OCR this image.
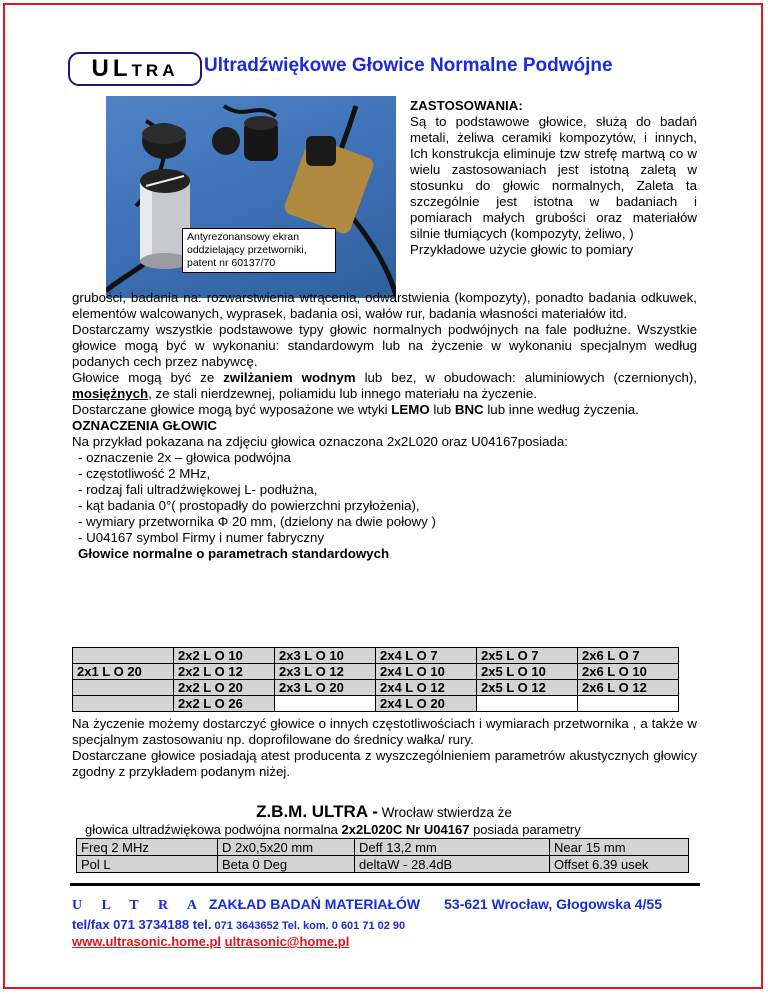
ULTRA	Ultradźwiękowe Głowice Normalne Podwójne
Antyrezonansowy ekran
oddzielający przetworniki,
patent nr 60137/70
ZASTOSOWANIA:
Są to podstawowe głowice, służą do badań metali, żeliwa ceramiki kompozytów, i innych, Ich konstrukcja eliminuje tzw strefę martwą co w wielu zastosowaniach jest istotną zaletą w stosunku do głowic normalnych, Zaleta ta szczególnie jest istotna w badaniach i pomiarach małych grubości oraz materiałów silnie tłumiących (kompozyty, żeliwo, )
Przykładowe użycie głowic to pomiary
grubości, badania na: rozwarstwienia wtrącenia, odwarstwienia (kompozyty), ponadto badania odkuwek, elementów walcowanych, wyprasek, badania osi, wałów rur, badania własności materiałów itd.
Dostarczamy wszystkie podstawowe typy głowic normalnych podwójnych na fale podłużne. Wszystkie głowice mogą być w wykonaniu: standardowym lub na życzenie w wykonaniu specjalnym według podanych cech przez nabywcę.
Głowice mogą być ze zwilżaniem wodnym lub bez, w obudowach: aluminiowych (czernionych), mosiężnych, ze stali nierdzewnej, poliamidu lub innego materiału na życzenie.
Dostarczane głowice mogą być wyposażone we wtyki LEMO lub BNC lub inne według życzenia.
OZNACZENIA GŁOWIC
Na przykład pokazana na zdjęciu głowica oznaczona 2x2L020 oraz U04167posiada:
- oznaczenie 2x – głowica podwójna
- częstotliwość 2 MHz,
- rodzaj fali ultradźwiękowej L- podłużna,
- kąt badania 0°( prostopadły do powierzchni przyłożenia),
- wymiary przetwornika Φ 20 mm, (dzielony na dwie połowy )
- U04167 symbol Firmy i numer fabryczny
Głowice normalne o parametrach standardowych
	2x2 L O 10	2x3 L O 10	2x4 L O 7	2x5 L O 7	2x6 L O 7
2x1 L O 20	2x2 L O 12	2x3 L O 12	2x4 L O 10	2x5 L O 10	2x6 L O 10
	2x2 L O 20	2x3 L O 20	2x4 L O 12	2x5 L O 12	2x6 L O 12
	2x2 L O 26		2x4 L O 20		
Na życzenie możemy dostarczyć głowice o innych częstotliwościach i wymiarach przetwornika , a także w specjalnym zastosowaniu np. doprofilowane do średnicy wałka/ rury.
Dostarczane głowice posiadają atest producenta z wyszczególnieniem parametrów akustycznych głowicy zgodny z przykładem podanym niżej.
Z.B.M. ULTRA - Wrocław stwierdza że
głowica ultradźwiękowa podwójna normalna 2x2L020C Nr U04167 posiada parametry
Freq 2 MHz	D 2x0,5x20 mm	Deff 13,2 mm	Near 15 mm
Pol L	Beta 0 Deg	deltaW - 28.4dB	Offset 6.39 usek
U L T R A ZAKŁAD BADAŃ MATERIAŁÓW 53-621 Wrocław, Głogowska 4/55
tel/fax 071 3734188 tel. 071 3643652 Tel. kom. 0 601 71 02 90
www.ultrasonic.home.pl ultrasonic@home.pl
